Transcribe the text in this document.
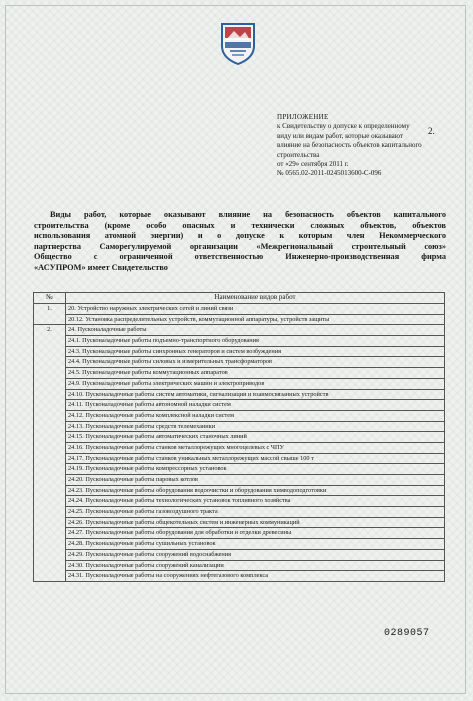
2.
ПРИЛОЖЕНИЕ
к Свидетельству о допуске к определенному
виду или видам работ, которые оказывают
влияние на безопасность объектов капитального
строительства
от «29» сентября 2011 г.
№ 0565.02-2011-0245013600-С-096
Виды работ, которые оказывают влияние на безопасность объектов капитального
строительства (кроме особо опасных и технически сложных объектов, объектов
использования атомной энергии) и о допуске к которым член Некоммерческого
партнерства Саморегулируемой организации «Межрегиональный строительный союз»
Общество с ограниченной ответственностью Инженерно-производственная фирма
«АСУПРОМ» имеет Свидетельство
№	Наименование видов работ
1.	20. Устройство наружных электрических сетей и линий связи
	20.12. Установка распределительных устройств, коммутационной аппаратуры, устройств защиты
2.	24. Пусконаладочные работы
	24.1. Пусконаладочные работы подъемно-транспортного оборудования
	24.3. Пусконаладочные работы синхронных генераторов и систем возбуждения
	24.4. Пусконаладочные работы силовых и измерительных трансформаторов
	24.5. Пусконаладочные работы коммутационных аппаратов
	24.9. Пусконаладочные работы электрических машин и электроприводов
	24.10. Пусконаладочные работы систем автоматики, сигнализации и взаимосвязанных устройств
	24.11. Пусконаладочные работы автономной наладки систем
	24.12. Пусконаладочные работы комплексной наладки систем
	24.13. Пусконаладочные работы средств телемеханики
	24.15. Пусконаладочные работы автоматических станочных линий
	24.16. Пусконаладочные работы станков металлорежущих многоцелевых с ЧПУ
	24.17. Пусконаладочные работы станков уникальных металлорежущих массой свыше 100 т
	24.19. Пусконаладочные работы компрессорных установок
	24.20. Пусконаладочные работы паровых котлов
	24.23. Пусконаладочные работы оборудования водоочистки и оборудования химводоподготовки
	24.24. Пусконаладочные работы технологических установок топливного хозяйства
	24.25. Пусконаладочные работы газовоздушного тракта
	24.26. Пусконаладочные работы общекотельных систем и инженерных коммуникаций
	24.27. Пусконаладочные работы оборудования для обработки и отделки древесины
	24.28. Пусконаладочные работы сушильных установок
	24.29. Пусконаладочные работы сооружений водоснабжения
	24.30. Пусконаладочные работы сооружений канализации
	24.31. Пусконаладочные работы на сооружениях нефтегазового комплекса
0289057
